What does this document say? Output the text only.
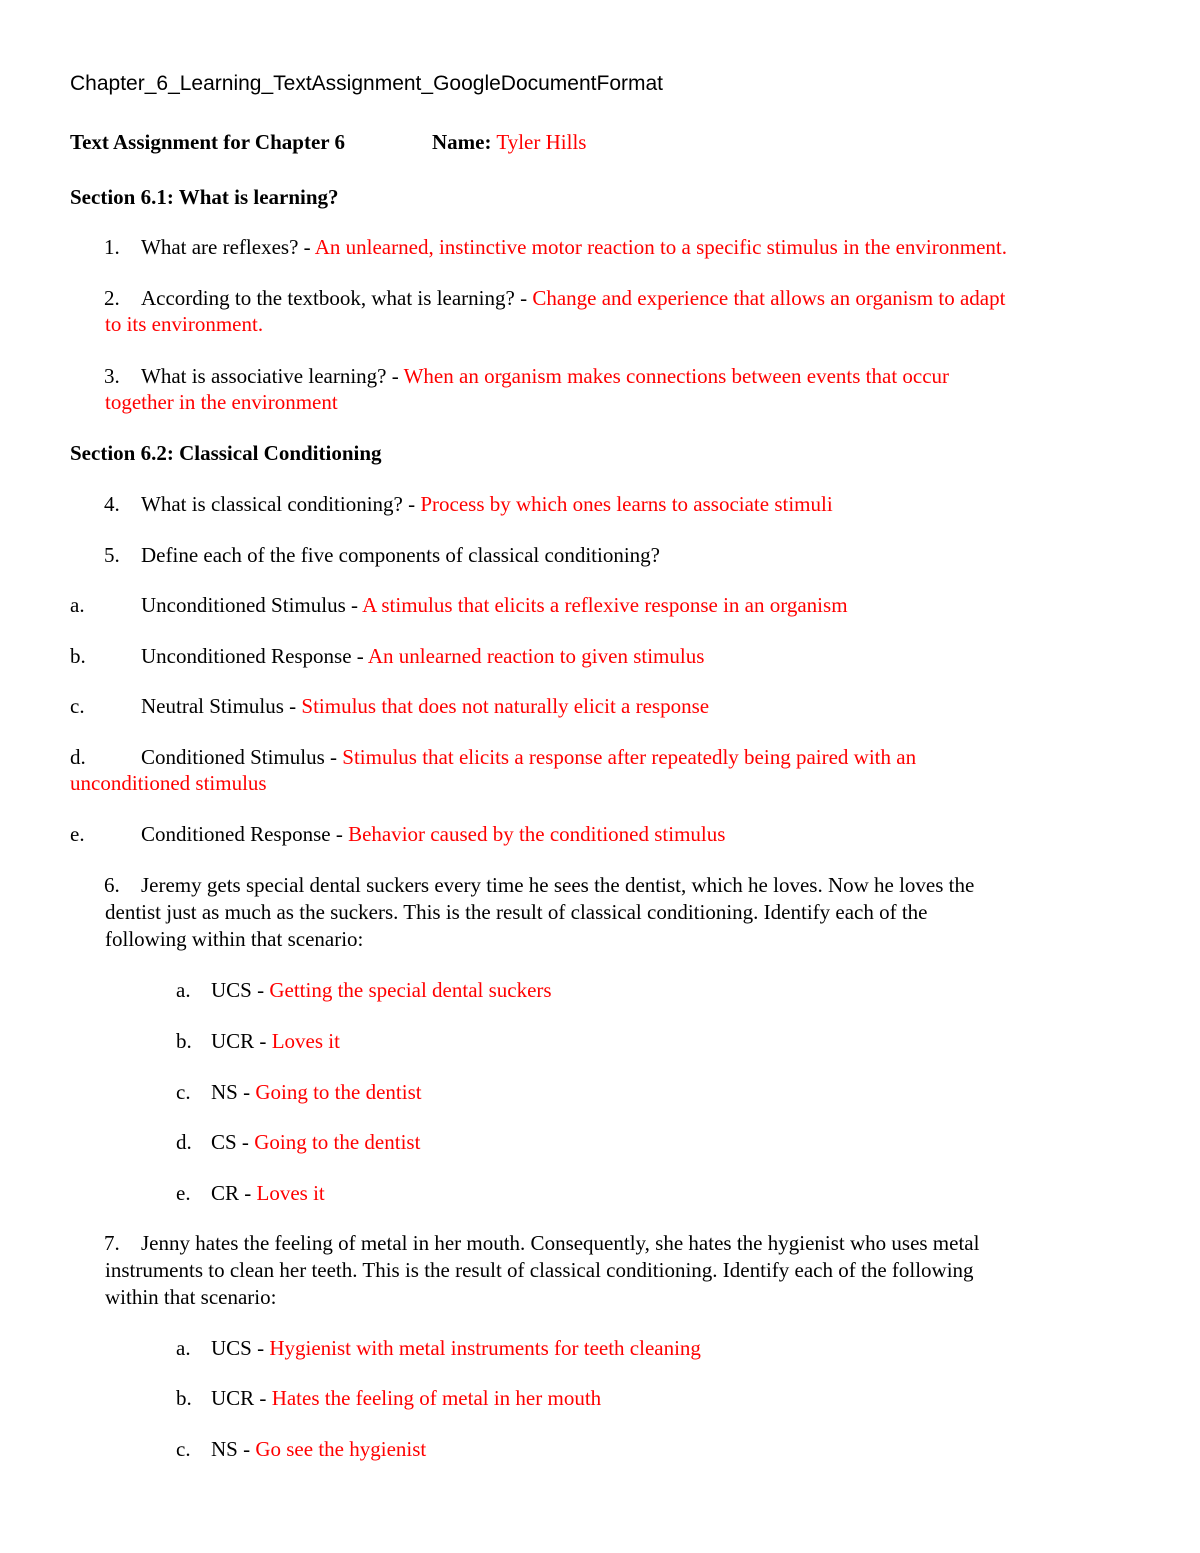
Chapter_6_Learning_TextAssignment_GoogleDocumentFormat
Text Assignment for Chapter 6	Name: Tyler Hills
Section 6.1: What is learning?
1. What are reflexes? - An unlearned, instinctive motor reaction to a specific stimulus in the environment.
2. According to the textbook, what is learning? - Change and experience that allows an organism to adapt
to its environment.
3. What is associative learning? - When an organism makes connections between events that occur
together in the environment
Section 6.2: Classical Conditioning
4. What is classical conditioning? - Process by which ones learns to associate stimuli
5. Define each of the five components of classical conditioning?
a.	Unconditioned Stimulus - A stimulus that elicits a reflexive response in an organism
b.	Unconditioned Response - An unlearned reaction to given stimulus
c.	Neutral Stimulus - Stimulus that does not naturally elicit a response
d.	Conditioned Stimulus - Stimulus that elicits a response after repeatedly being paired with an
unconditioned stimulus
e.	Conditioned Response - Behavior caused by the conditioned stimulus
6. Jeremy gets special dental suckers every time he sees the dentist, which he loves. Now he loves the
dentist just as much as the suckers. This is the result of classical conditioning. Identify each of the
following within that scenario:
a. UCS - Getting the special dental suckers
b. UCR - Loves it
c. NS - Going to the dentist
d. CS - Going to the dentist
e. CR - Loves it
7. Jenny hates the feeling of metal in her mouth. Consequently, she hates the hygienist who uses metal
instruments to clean her teeth. This is the result of classical conditioning. Identify each of the following
within that scenario:
a. UCS - Hygienist with metal instruments for teeth cleaning
b. UCR - Hates the feeling of metal in her mouth
c. NS - Go see the hygienist
